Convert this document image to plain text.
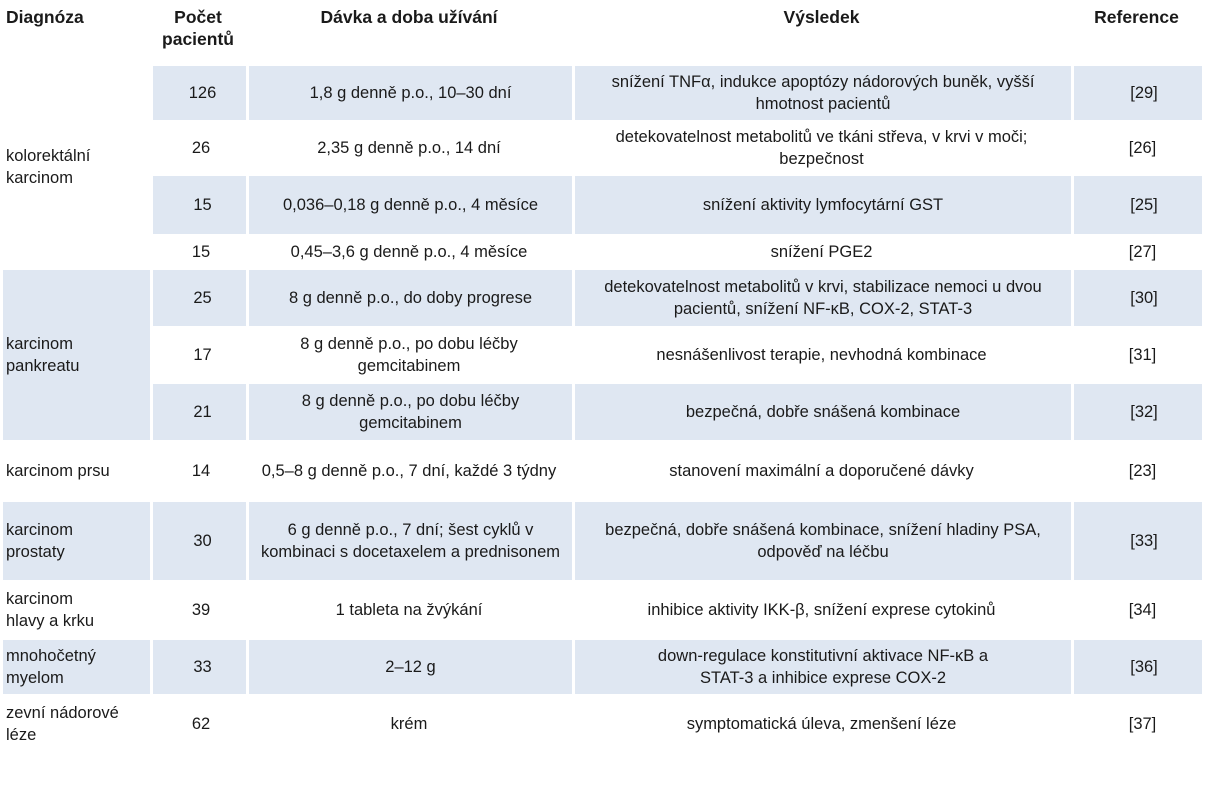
Diagnóza	Počet pacientů	Dávka a doba užívání	Výsledek	Reference
kolorektální karcinom	126	1,8 g denně p.o., 10–30 dní	snížení TNFα, indukce apoptózy nádorových buněk, vyšší hmotnost pacientů	[29]
	26	2,35 g denně p.o., 14 dní	detekovatelnost metabolitů ve tkáni střeva, v krvi v moči; bezpečnost	[26]
	15	0,036–0,18 g denně p.o., 4 měsíce	snížení aktivity lymfocytární GST	[25]
	15	0,45–3,6 g denně p.o., 4 měsíce	snížení PGE2	[27]
karcinom pankreatu	25	8 g denně p.o., do doby progrese	detekovatelnost metabolitů v krvi, stabilizace nemoci u dvou pacientů, snížení NF-κB, COX-2, STAT-3	[30]
	17	8 g denně p.o., po dobu léčby gemcitabinem	nesnášenlivost terapie, nevhodná kombinace	[31]
	21	8 g denně p.o., po dobu léčby gemcitabinem	bezpečná, dobře snášená kombinace	[32]
karcinom prsu	14	0,5–8 g denně p.o., 7 dní, každé 3 týdny	stanovení maximální a doporučené dávky	[23]
karcinom prostaty	30	6 g denně p.o., 7 dní; šest cyklů v kombinaci s docetaxelem a prednisonem	bezpečná, dobře snášená kombinace, snížení hladiny PSA, odpověď na léčbu	[33]
karcinom hlavy a krku	39	1 tableta na žvýkání	inhibice aktivity IKK-β, snížení exprese cytokinů	[34]
mnohočetný myelom	33	2–12 g	down-regulace konstitutivní aktivace NF-κB a STAT-3 a inhibice exprese COX-2	[36]
zevní nádorové léze	62	krém	symptomatická úleva, zmenšení léze	[37]
